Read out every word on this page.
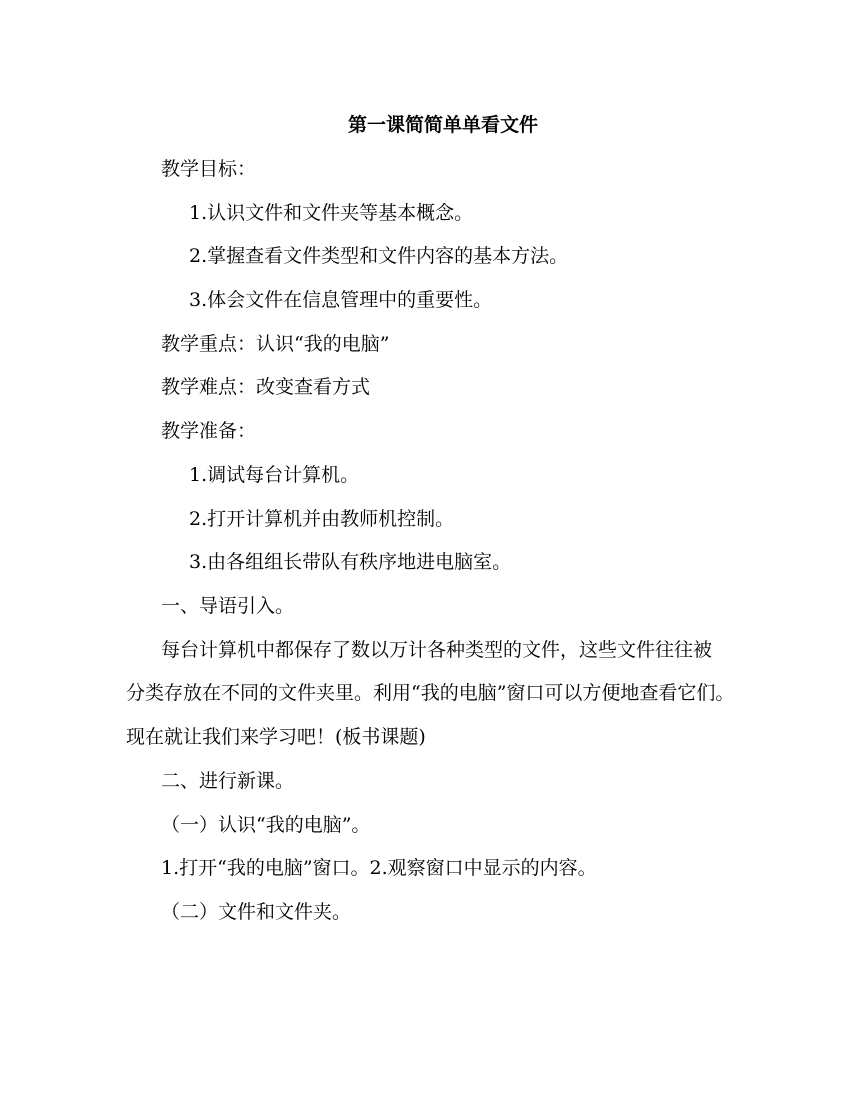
第一课简简单单看文件
教学目标：
1.认识文件和文件夹等基本概念。
2.掌握查看文件类型和文件内容的基本方法。
3.体会文件在信息管理中的重要性。
教学重点：认识“我的电脑”
教学难点：改变查看方式
教学准备：
1.调试每台计算机。
2.打开计算机并由教师机控制。
3.由各组组长带队有秩序地进电脑室。
一、导语引入。
每台计算机中都保存了数以万计各种类型的文件，这些文件往往被
分类存放在不同的文件夹里。利用“我的电脑”窗口可以方便地查看它们。
现在就让我们来学习吧！(板书课题)
二、进行新课。
（一）认识“我的电脑”。
1.打开“我的电脑”窗口。2.观察窗口中显示的内容。
（二）文件和文件夹。
